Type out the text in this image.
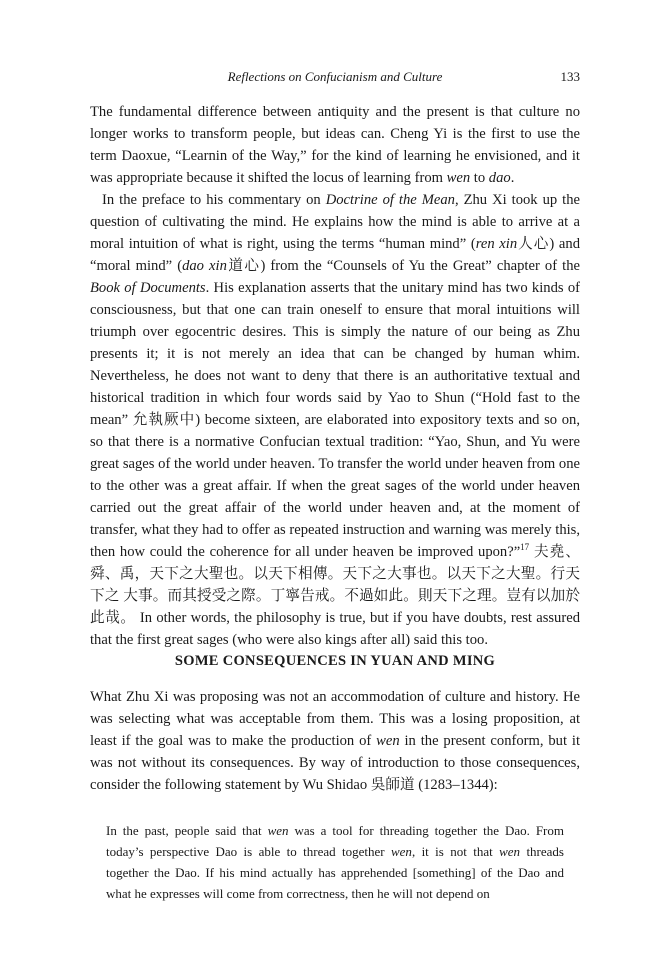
Reflections on Confucianism and Culture	133

The fundamental difference between antiquity and the present is that culture no longer works to transform people, but ideas can. Cheng Yi is the first to use the term Daoxue, “Learnin of the Way,” for the kind of learning he envisioned, and it was appropriate because it shifted the locus of learning from wen to dao.

In the preface to his commentary on Doctrine of the Mean, Zhu Xi took up the question of cultivating the mind. He explains how the mind is able to arrive at a moral intuition of what is right, using the terms “human mind” (ren xin人心) and “moral mind” (dao xin道心) from the “Counsels of Yu the Great” chapter of the Book of Documents. His explanation asserts that the unitary mind has two kinds of consciousness, but that one can train oneself to ensure that moral intuitions will triumph over egocentric desires. This is simply the nature of our being as Zhu presents it; it is not merely an idea that can be changed by human whim. Nevertheless, he does not want to deny that there is an authoritative textual and historical tradition in which four words said by Yao to Shun (“Hold fast to the mean” 允執厥中) become sixteen, are elaborated into expository texts and so on, so that there is a normative Confucian textual tradition: “Yao, Shun, and Yu were great sages of the world under heaven. To transfer the world under heaven from one to the other was a great affair. If when the great sages of the world under heaven carried out the great affair of the world under heaven and, at the moment of transfer, what they had to offer as repeated instruction and warning was merely this, then how could the coherence for all under heaven be improved upon?”$^{17}$ 夫堯、舜、禹，天下之大聖也。以天下相傳。天下之大事也。以天下之大聖。行天下之 大事。而其授受之際。丁寧告戒。不過如此。則天下之理。豈有以加於此哉。 In other words, the philosophy is true, but if you have doubts, rest assured that the first great sages (who were also kings after all) said this too.

SOME CONSEQUENCES IN YUAN AND MING

What Zhu Xi was proposing was not an accommodation of culture and history. He was selecting what was acceptable from them. This was a losing proposition, at least if the goal was to make the production of wen in the present conform, but it was not without its consequences. By way of introduction to those consequences, consider the following statement by Wu Shidao 吳師道 (1283–1344):

In the past, people said that wen was a tool for threading together the Dao. From today’s perspective Dao is able to thread together wen, it is not that wen threads together the Dao. If his mind actually has apprehended [something] of the Dao and what he expresses will come from correctness, then he will not depend on
